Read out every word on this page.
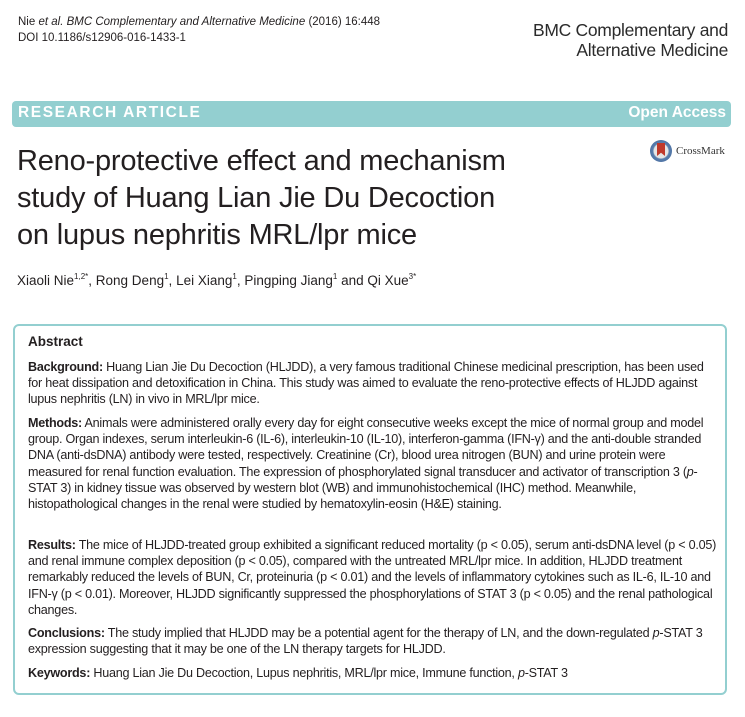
Nie et al. BMC Complementary and Alternative Medicine (2016) 16:448
DOI 10.1186/s12906-016-1433-1	BMC Complementary and
Alternative Medicine
RESEARCH ARTICLE	Open Access
CrossMark
Reno-protective effect and mechanism
study of Huang Lian Jie Du Decoction
on lupus nephritis MRL/lpr mice
Xiaoli Nie$^{1,2*}$, Rong Deng$^1$, Lei Xiang$^1$, Pingping Jiang$^1$ and Qi Xue$^{3*}$
Abstract
Background: Huang Lian Jie Du Decoction (HLJDD), a very famous traditional Chinese medicinal prescription, has been used for heat dissipation and detoxification in China. This study was aimed to evaluate the reno-protective effects of HLJDD against lupus nephritis (LN) in vivo in MRL/lpr mice.
Methods: Animals were administered orally every day for eight consecutive weeks except the mice of normal group and model group. Organ indexes, serum interleukin-6 (IL-6), interleukin-10 (IL-10), interferon-gamma (IFN-γ) and the anti-double stranded DNA (anti-dsDNA) antibody were tested, respectively. Creatinine (Cr), blood urea nitrogen (BUN) and urine protein were measured for renal function evaluation. The expression of phosphorylated signal transducer and activator of transcription 3 (p-STAT 3) in kidney tissue was observed by western blot (WB) and immunohistochemical (IHC) method. Meanwhile, histopathological changes in the renal were studied by hematoxylin-eosin (H&E) staining.
Results: The mice of HLJDD-treated group exhibited a significant reduced mortality (p < 0.05), serum anti-dsDNA level (p < 0.05) and renal immune complex deposition (p < 0.05), compared with the untreated MRL/lpr mice. In addition, HLJDD treatment remarkably reduced the levels of BUN, Cr, proteinuria (p < 0.01) and the levels of inflammatory cytokines such as IL-6, IL-10 and IFN-γ (p < 0.01). Moreover, HLJDD significantly suppressed the phosphorylations of STAT 3 (p < 0.05) and the renal pathological changes.
Conclusions: The study implied that HLJDD may be a potential agent for the therapy of LN, and the down-regulated p-STAT 3 expression suggesting that it may be one of the LN therapy targets for HLJDD.
Keywords: Huang Lian Jie Du Decoction, Lupus nephritis, MRL/lpr mice, Immune function, p-STAT 3
